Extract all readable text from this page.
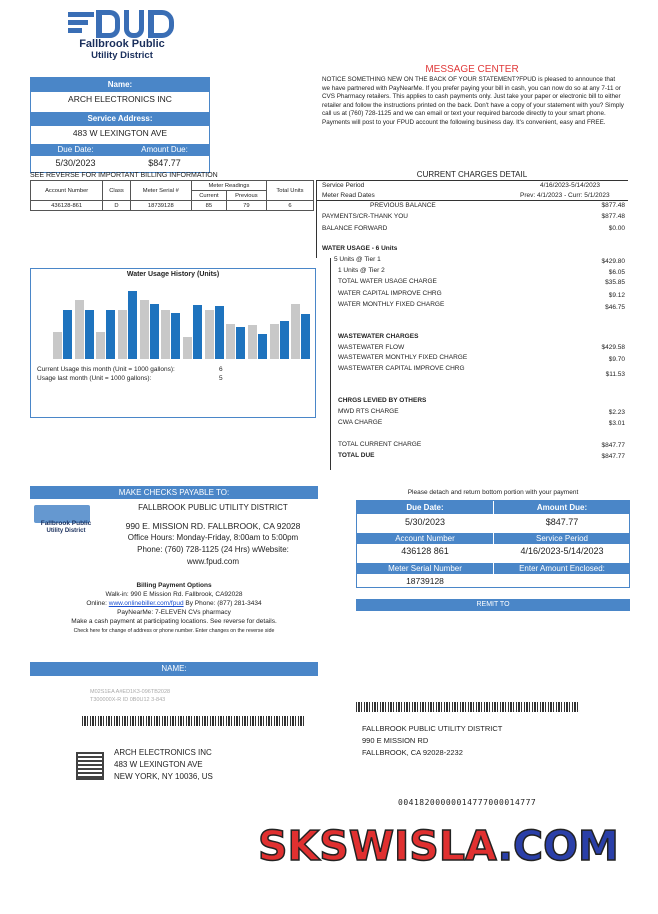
Fallbrook Public
Utility District
Name:
ARCH ELECTRONICS INC
Service Address:
483 W LEXINGTON AVE
Due Date:	Amount Due:
5/30/2023	$847.77
SEE REVERSE FOR IMPORTANT BILLING INFORMATION
Account Number	Class	Meter Serial #	Meter Readings		Total Units
			Current	Previous	
436128-861	D	18739128	85	79	6
MESSAGE CENTER
NOTICE SOMETHING NEW ON THE BACK OF YOUR STATEMENT?FPUD is pleased to announce that we have partnered with PayNearMe. If you prefer paying your bill in cash, you can now do so at any 7-11 or CVS Pharmacy retailers. This applies to cash payments only. Just take your paper or electronic bill to either retailer and follow the instructions printed on the back. Don't have a copy of your statement with you? Simply call us at (760) 728-1125 and we can email or text your required barcode directly to your smart phone. Payments will post to your FPUD account the following business day. It's convenient, easy and FREE.
CURRENT CHARGES DETAIL
Service Period	4/16/2023-5/14/2023
Meter Read Dates	Prev: 4/1/2023 - Curr: 5/1/2023
PREVIOUS BALANCE	$877.48
PAYMENTS/CR-THANK YOU	$877.48
BALANCE FORWARD	$0.00
WATER USAGE - 6 Units
5 Units @ Tier 1	$429.80
1 Units @ Tier 2	$6.05
TOTAL WATER USAGE CHARGE	$35.85
WATER CAPITAL IMPROVE CHRG	$9.12
WATER MONTHLY FIXED CHARGE	$46.75
WASTEWATER CHARGES
WASTEWATER FLOW	$429.58
WASTEWATER MONTHLY FIXED CHARGE	$9.70
WASTEWATER CAPITAL IMPROVE CHRG
$11.53
CHRGS LEVIED BY OTHERS
MWD RTS CHARGE	$2.23
CWA CHARGE	$3.01
TOTAL CURRENT CHARGE	$847.77
TOTAL DUE	$847.77
Water Usage History (Units)
Current Usage this month (Unit = 1000 gallons):	6
Usage last month (Unit = 1000 gallons):	5
MAKE CHECKS PAYABLE TO:
Fallbrook Public
Utility District
FALLBROOK PUBLIC UTILITY DISTRICT
990 E. MISSION RD. FALLBROOK, CA 92028
Office Hours: Monday-Friday, 8:00am to 5:00pm
Phone: (760) 728-1125 (24 Hrs) wWebsite:
www.fpud.com
Billing Payment Options
Walk-in: 990 E Mission Rd. Fallbrook, CA92028
Online: www.onlinebiller.com/fpud By Phone: (877) 281-3434
PayNearMe: 7-ELEVEN CVs pharmacy
Make a cash payment at participating locations. See reverse for details.
Check here for change of address or phone number. Enter changes on the reverse side
Please detach and return bottom portion with your payment
Due Date:	Amount Due:
5/30/2023	$847.77
Account Number	Service Period
436128 861	4/16/2023-5/14/2023
Meter Serial Number	Enter Amount Enclosed:
18739128
REMIT TO
NAME:
M02S1EA A#ED1K3-096TB2028
T300000X-R ID 0B0U12 3-843
ARCH ELECTRONICS INC
483 W LEXINGTON AVE
NEW YORK, NY 10036, US
FALLBROOK PUBLIC UTILITY DISTRICT
990 E MISSION RD
FALLBROOK, CA 92028-2232
00418200000014777000014777
SKSWISLA.COM
